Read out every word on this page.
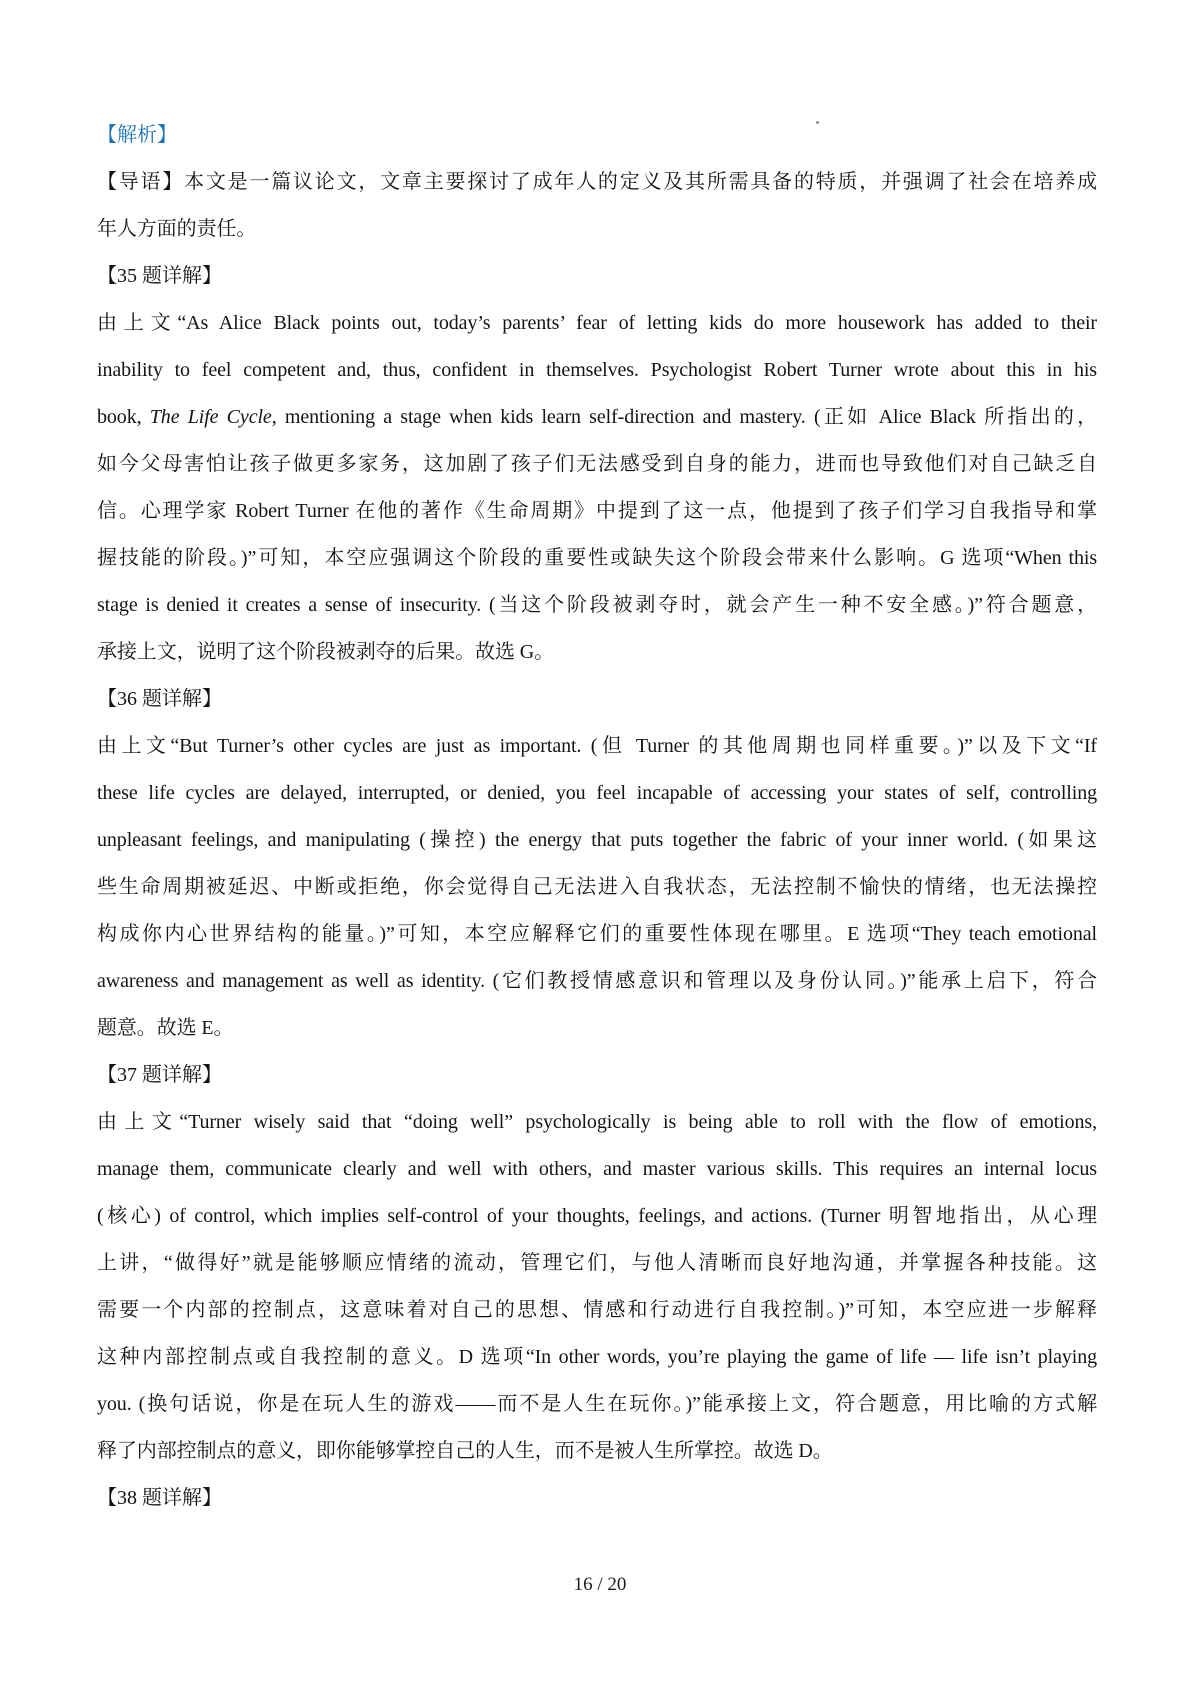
【解析】
【导语】本文是一篇议论文，文章主要探讨了成年人的定义及其所需具备的特质，并强调了社会在培养成
年人方面的责任。
【35 题详解】
由上文“As Alice Black points out, today’s parents’ fear of letting kids do more housework has added to their
inability to feel competent and, thus, confident in themselves. Psychologist Robert Turner wrote about this in his
book, The Life Cycle, mentioning a stage when kids learn self-direction and mastery. (正如 Alice Black 所指出的，
如今父母害怕让孩子做更多家务，这加剧了孩子们无法感受到自身的能力，进而也导致他们对自己缺乏自
信。心理学家 Robert Turner 在他的著作《生命周期》中提到了这一点，他提到了孩子们学习自我指导和掌
握技能的阶段。)”可知，本空应强调这个阶段的重要性或缺失这个阶段会带来什么影响。G 选项“When this
stage is denied it creates a sense of insecurity. (当这个阶段被剥夺时，就会产生一种不安全感。)”符合题意，
承接上文，说明了这个阶段被剥夺的后果。故选 G。
【36 题详解】
由上文“But Turner’s other cycles are just as important. (但 Turner 的其他周期也同样重要。)”以及下文“If
these life cycles are delayed, interrupted, or denied, you feel incapable of accessing your states of self, controlling
unpleasant feelings, and manipulating (操控) the energy that puts together the fabric of your inner world. (如果这
些生命周期被延迟、中断或拒绝，你会觉得自己无法进入自我状态，无法控制不愉快的情绪，也无法操控
构成你内心世界结构的能量。)”可知，本空应解释它们的重要性体现在哪里。E 选项“They teach emotional
awareness and management as well as identity. (它们教授情感意识和管理以及身份认同。)”能承上启下，符合
题意。故选 E。
【37 题详解】
由上文“Turner wisely said that “doing well” psychologically is being able to roll with the flow of emotions,
manage them, communicate clearly and well with others, and master various skills. This requires an internal locus
(核心) of control, which implies self-control of your thoughts, feelings, and actions. (Turner 明智地指出，从心理
上讲，“做得好”就是能够顺应情绪的流动，管理它们，与他人清晰而良好地沟通，并掌握各种技能。这
需要一个内部的控制点，这意味着对自己的思想、情感和行动进行自我控制。)”可知，本空应进一步解释
这种内部控制点或自我控制的意义。D 选项“In other words, you’re playing the game of life — life isn’t playing
you. (换句话说，你是在玩人生的游戏——而不是人生在玩你。)”能承接上文，符合题意，用比喻的方式解
释了内部控制点的意义，即你能够掌控自己的人生，而不是被人生所掌控。故选 D。
【38 题详解】
16 / 20
